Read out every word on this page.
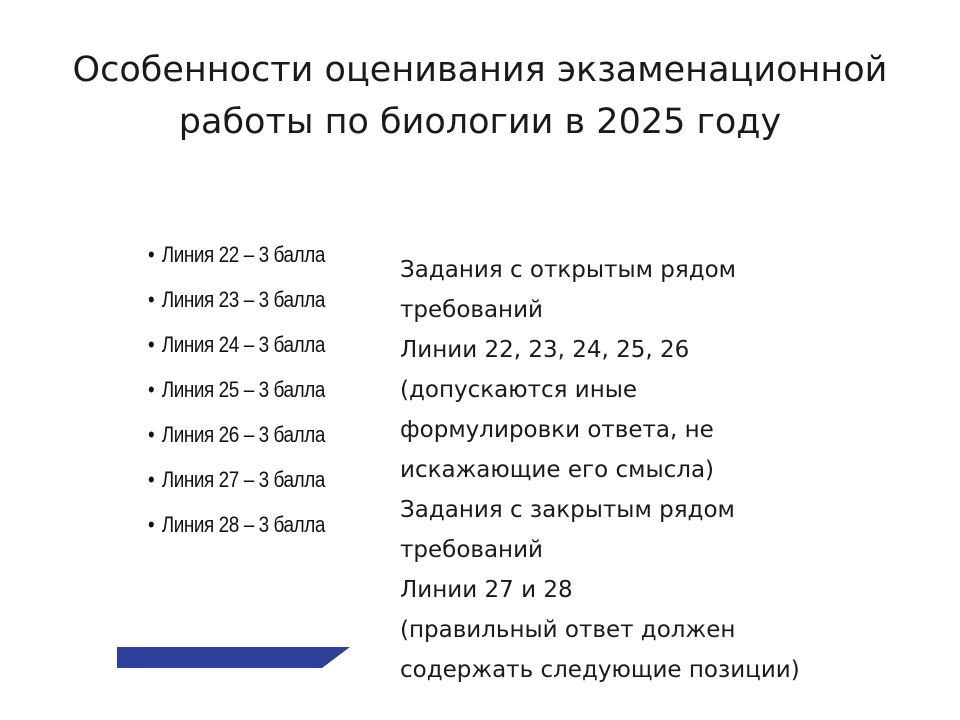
Особенности оценивания экзаменационной
работы по биологии в 2025 году
• Линия 22 – 3 балла
• Линия 23 – 3 балла
• Линия 24 – 3 балла
• Линия 25 – 3 балла
• Линия 26 – 3 балла
• Линия 27 – 3 балла
• Линия 28 – 3 балла
Задания с открытым рядом
требований
Линии 22, 23, 24, 25, 26
(допускаются иные
формулировки ответа, не
искажающие его смысла)
Задания с закрытым рядом
требований
Линии 27 и 28
(правильный ответ должен
содержать следующие позиции)
